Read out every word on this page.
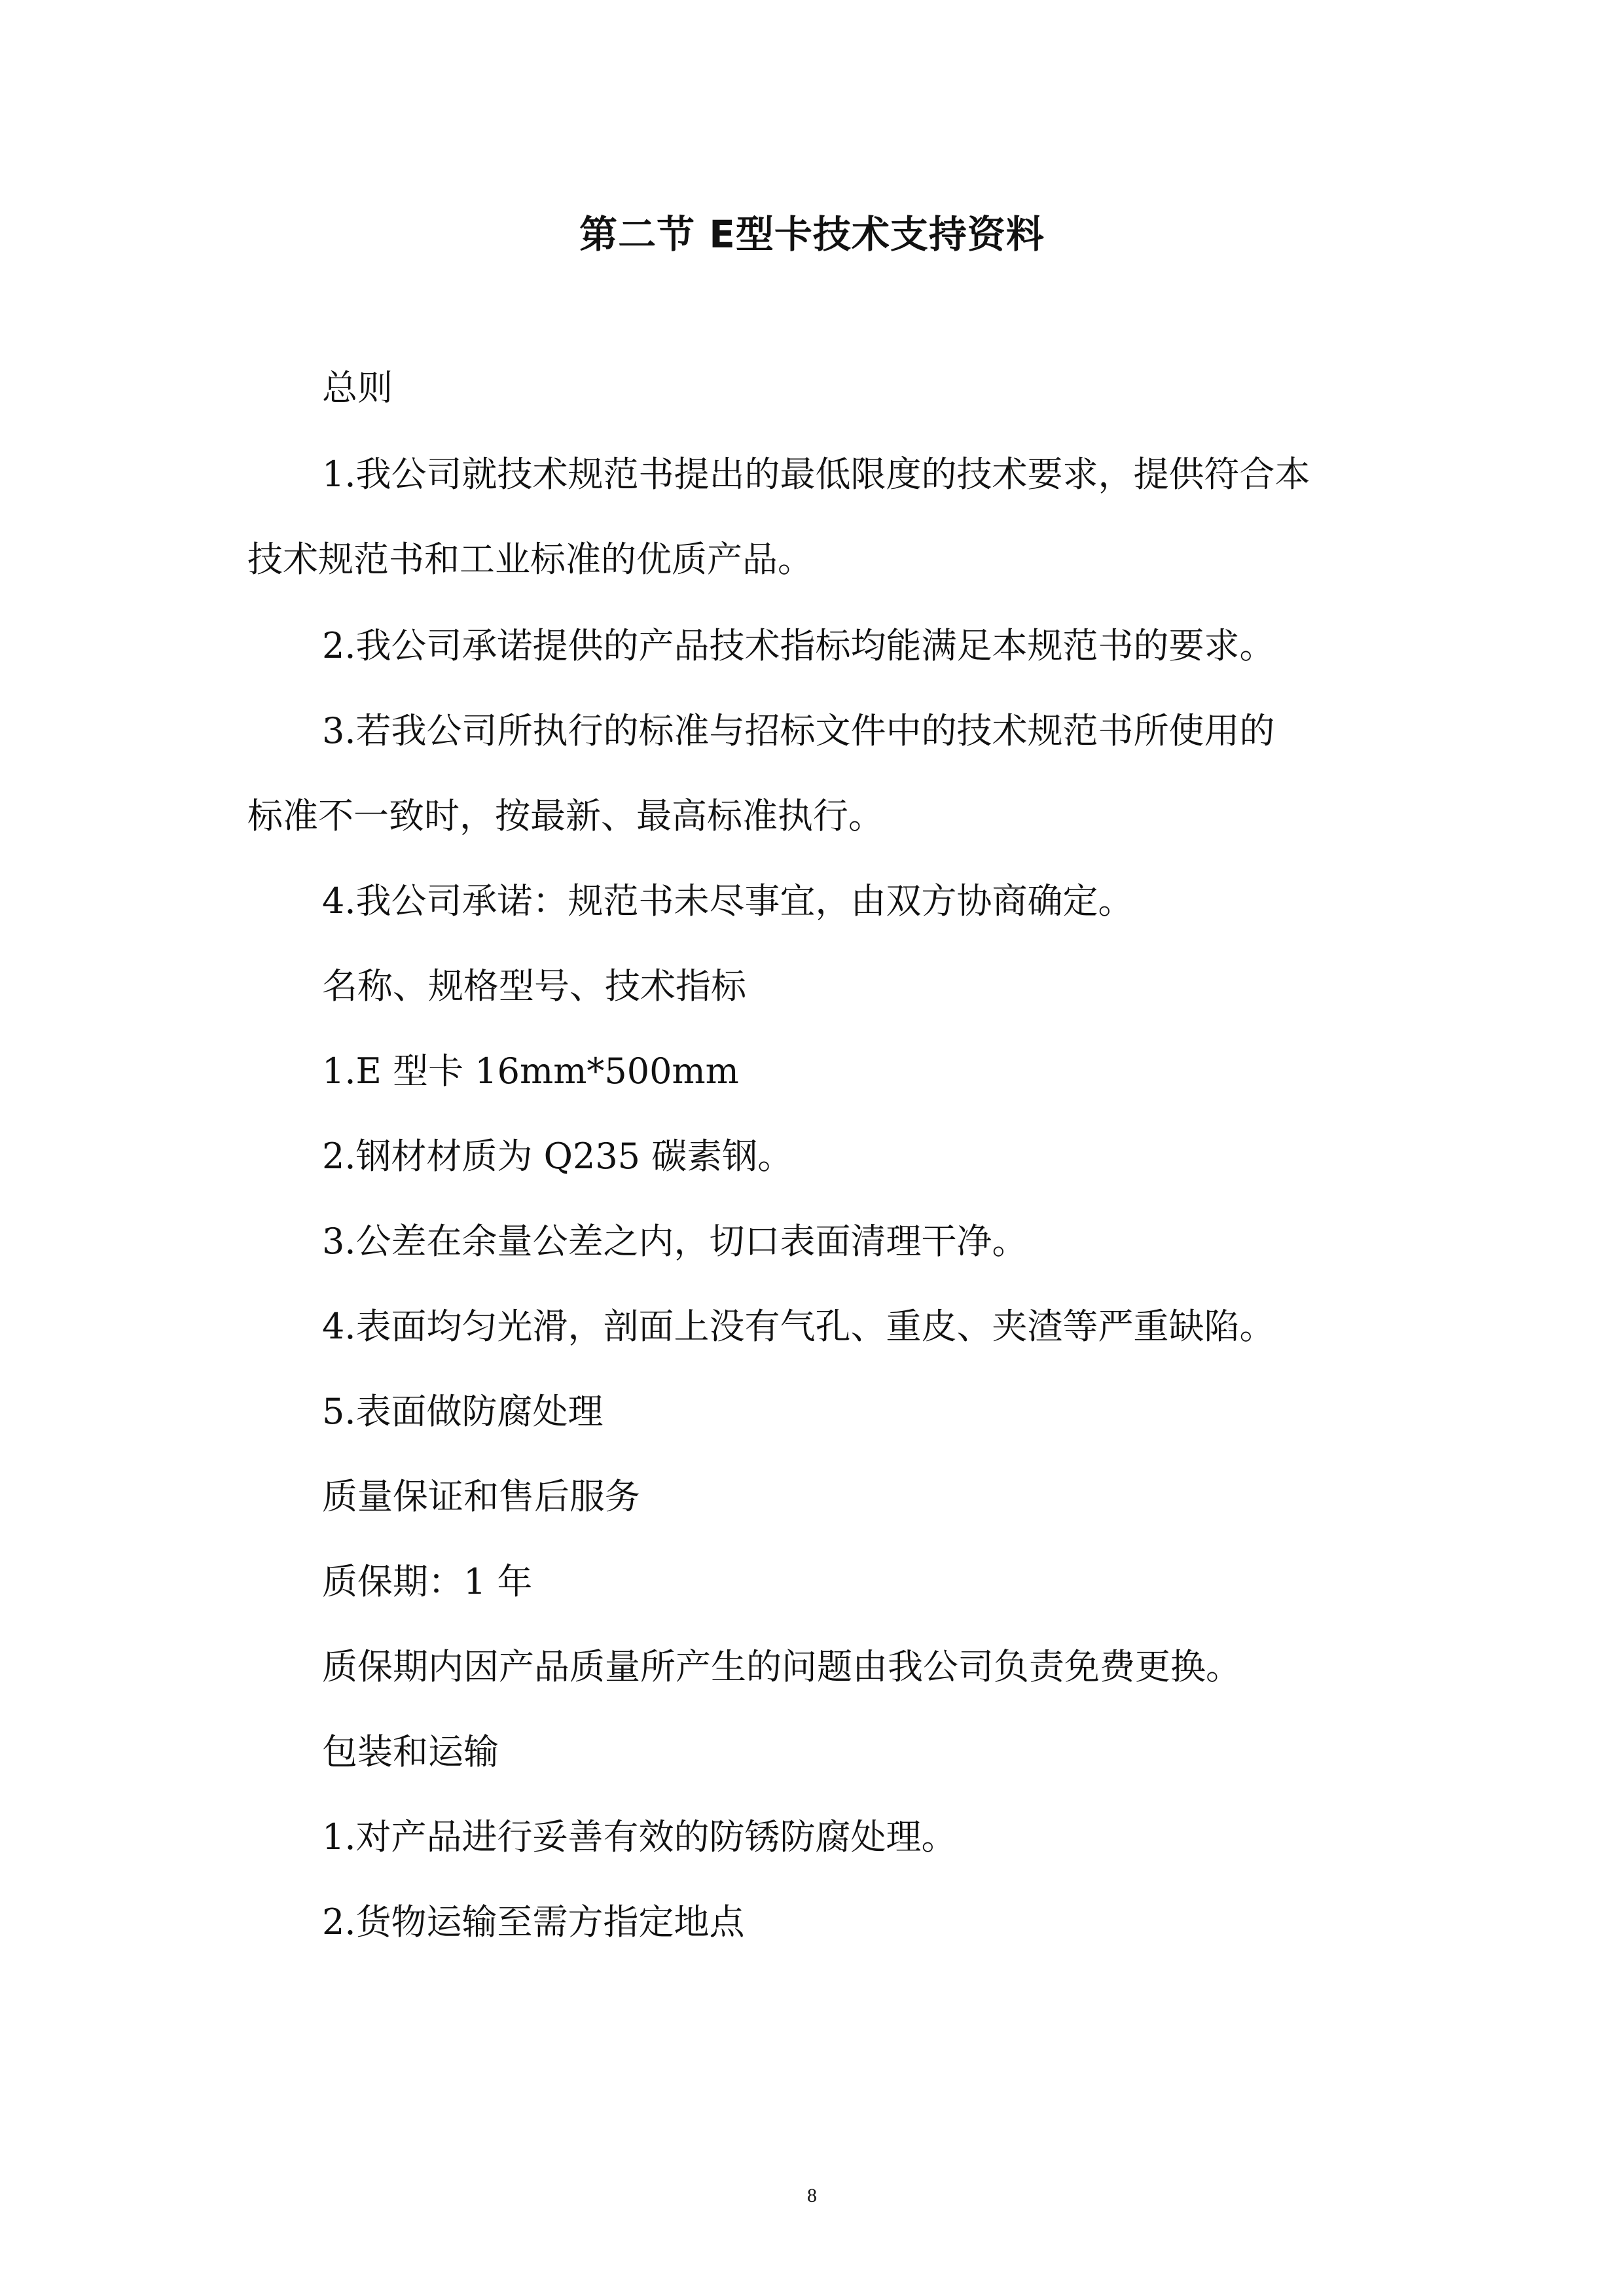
第二节 E型卡技术支持资料
总则
1.我公司就技术规范书提出的最低限度的技术要求，提供符合本
技术规范书和工业标准的优质产品。
2.我公司承诺提供的产品技术指标均能满足本规范书的要求。
3.若我公司所执行的标准与招标文件中的技术规范书所使用的
标准不一致时，按最新、最高标准执行。
4.我公司承诺：规范书未尽事宜，由双方协商确定。
名称、规格型号、技术指标
1.E 型卡 16mm*500mm
2.钢材材质为 Q235 碳素钢。
3.公差在余量公差之内，切口表面清理干净。
4.表面均匀光滑，剖面上没有气孔、重皮、夹渣等严重缺陷。
5.表面做防腐处理
质量保证和售后服务
质保期：1 年
质保期内因产品质量所产生的问题由我公司负责免费更换。
包装和运输
1.对产品进行妥善有效的防锈防腐处理。
2.货物运输至需方指定地点
8
